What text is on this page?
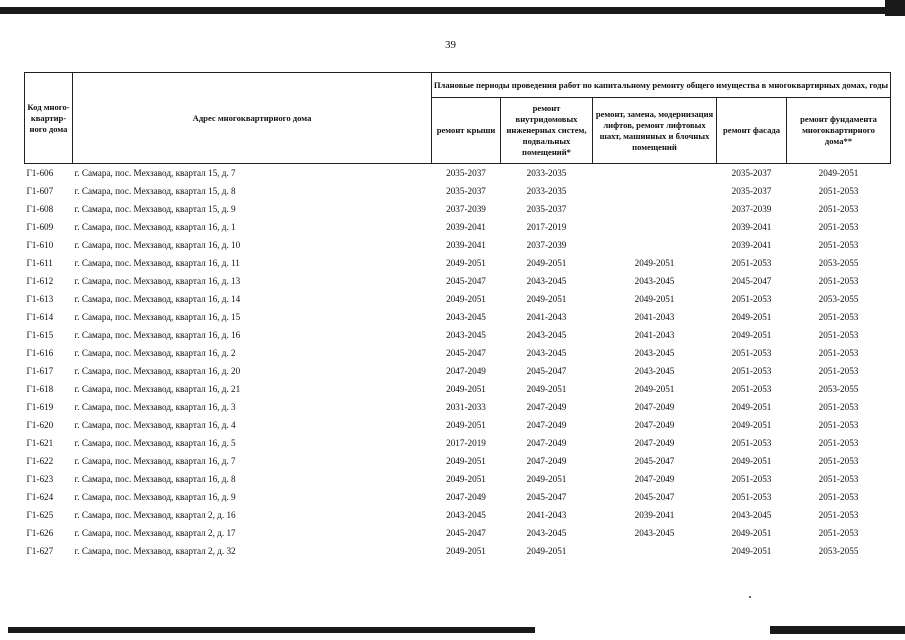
39
Код много-квартир-ного дома	Адрес многоквартирного дома	Плановые периоды проведения работ по капитальному ремонту общего имущества в многоквартирных домах, годы				
		ремонт крыши	ремонт внутридомовых инженерных систем, подвальных помещений*	ремонт, замена, модернизация лифтов, ремонт лифтовых шахт, машинных и блочных помещений	ремонт фасада	ремонт фундамента многоквартирного дома**
Г1-606	г. Самара, пос. Мехзавод, квартал 15, д. 7	2035-2037	2033-2035		2035-2037	2049-2051
Г1-607	г. Самара, пос. Мехзавод, квартал 15, д. 8	2035-2037	2033-2035		2035-2037	2051-2053
Г1-608	г. Самара, пос. Мехзавод, квартал 15, д. 9	2037-2039	2035-2037		2037-2039	2051-2053
Г1-609	г. Самара, пос. Мехзавод, квартал 16, д. 1	2039-2041	2017-2019		2039-2041	2051-2053
Г1-610	г. Самара, пос. Мехзавод, квартал 16, д. 10	2039-2041	2037-2039		2039-2041	2051-2053
Г1-611	г. Самара, пос. Мехзавод, квартал 16, д. 11	2049-2051	2049-2051	2049-2051	2051-2053	2053-2055
Г1-612	г. Самара, пос. Мехзавод, квартал 16, д. 13	2045-2047	2043-2045	2043-2045	2045-2047	2051-2053
Г1-613	г. Самара, пос. Мехзавод, квартал 16, д. 14	2049-2051	2049-2051	2049-2051	2051-2053	2053-2055
Г1-614	г. Самара, пос. Мехзавод, квартал 16, д. 15	2043-2045	2041-2043	2041-2043	2049-2051	2051-2053
Г1-615	г. Самара, пос. Мехзавод, квартал 16, д. 16	2043-2045	2043-2045	2041-2043	2049-2051	2051-2053
Г1-616	г. Самара, пос. Мехзавод, квартал 16, д. 2	2045-2047	2043-2045	2043-2045	2051-2053	2051-2053
Г1-617	г. Самара, пос. Мехзавод, квартал 16, д. 20	2047-2049	2045-2047	2043-2045	2051-2053	2051-2053
Г1-618	г. Самара, пос. Мехзавод, квартал 16, д. 21	2049-2051	2049-2051	2049-2051	2051-2053	2053-2055
Г1-619	г. Самара, пос. Мехзавод, квартал 16, д. 3	2031-2033	2047-2049	2047-2049	2049-2051	2051-2053
Г1-620	г. Самара, пос. Мехзавод, квартал 16, д. 4	2049-2051	2047-2049	2047-2049	2049-2051	2051-2053
Г1-621	г. Самара, пос. Мехзавод, квартал 16, д. 5	2017-2019	2047-2049	2047-2049	2051-2053	2051-2053
Г1-622	г. Самара, пос. Мехзавод, квартал 16, д. 7	2049-2051	2047-2049	2045-2047	2049-2051	2051-2053
Г1-623	г. Самара, пос. Мехзавод, квартал 16, д. 8	2049-2051	2049-2051	2047-2049	2051-2053	2051-2053
Г1-624	г. Самара, пос. Мехзавод, квартал 16, д. 9	2047-2049	2045-2047	2045-2047	2051-2053	2051-2053
Г1-625	г. Самара, пос. Мехзавод, квартал 2, д. 16	2043-2045	2041-2043	2039-2041	2043-2045	2051-2053
Г1-626	г. Самара, пос. Мехзавод, квартал 2, д. 17	2045-2047	2043-2045	2043-2045	2049-2051	2051-2053
Г1-627	г. Самара, пос. Мехзавод, квартал 2, д. 32	2049-2051	2049-2051		2049-2051	2053-2055
